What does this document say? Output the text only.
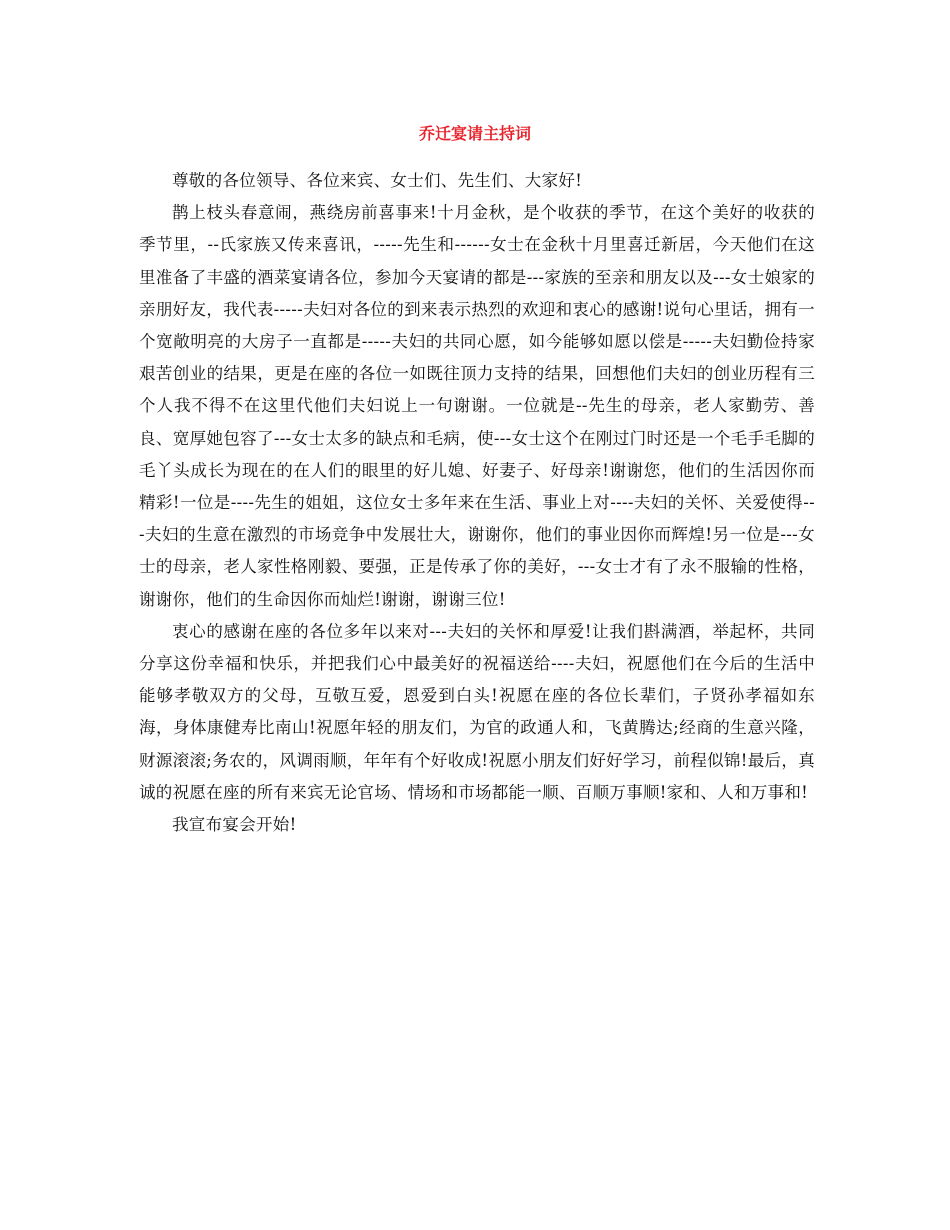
乔迁宴请主持词

尊敬的各位领导、各位来宾、女士们、先生们、大家好!

鹊上枝头春意闹，燕绕房前喜事来!十月金秋，是个收获的季节，在这个美好的收获的季节里，--氏家族又传来喜讯，-----先生和------女士在金秋十月里喜迁新居，今天他们在这里准备了丰盛的酒菜宴请各位，参加今天宴请的都是---家族的至亲和朋友以及---女士娘家的亲朋好友，我代表-----夫妇对各位的到来表示热烈的欢迎和衷心的感谢!说句心里话，拥有一个宽敞明亮的大房子一直都是-----夫妇的共同心愿，如今能够如愿以偿是-----夫妇勤俭持家艰苦创业的结果，更是在座的各位一如既往顶力支持的结果，回想他们夫妇的创业历程有三个人我不得不在这里代他们夫妇说上一句谢谢。一位就是--先生的母亲，老人家勤劳、善良、宽厚她包容了---女士太多的缺点和毛病，使---女士这个在刚过门时还是一个毛手毛脚的毛丫头成长为现在的在人们的眼里的好儿媳、好妻子、好母亲!谢谢您，他们的生活因你而精彩!一位是----先生的姐姐，这位女士多年来在生活、事业上对----夫妇的关怀、关爱使得---夫妇的生意在激烈的市场竞争中发展壮大，谢谢你，他们的事业因你而辉煌!另一位是---女士的母亲，老人家性格刚毅、要强，正是传承了你的美好，---女士才有了永不服输的性格，谢谢你，他们的生命因你而灿烂!谢谢，谢谢三位!

衷心的感谢在座的各位多年以来对---夫妇的关怀和厚爱!让我们斟满酒，举起杯，共同分享这份幸福和快乐，并把我们心中最美好的祝福送给----夫妇，祝愿他们在今后的生活中能够孝敬双方的父母，互敬互爱，恩爱到白头!祝愿在座的各位长辈们，子贤孙孝福如东海，身体康健寿比南山!祝愿年轻的朋友们，为官的政通人和，飞黄腾达;经商的生意兴隆，财源滚滚;务农的，风调雨顺，年年有个好收成!祝愿小朋友们好好学习，前程似锦!最后，真诚的祝愿在座的所有来宾无论官场、情场和市场都能一顺、百顺万事顺!家和、人和万事和!

我宣布宴会开始!
